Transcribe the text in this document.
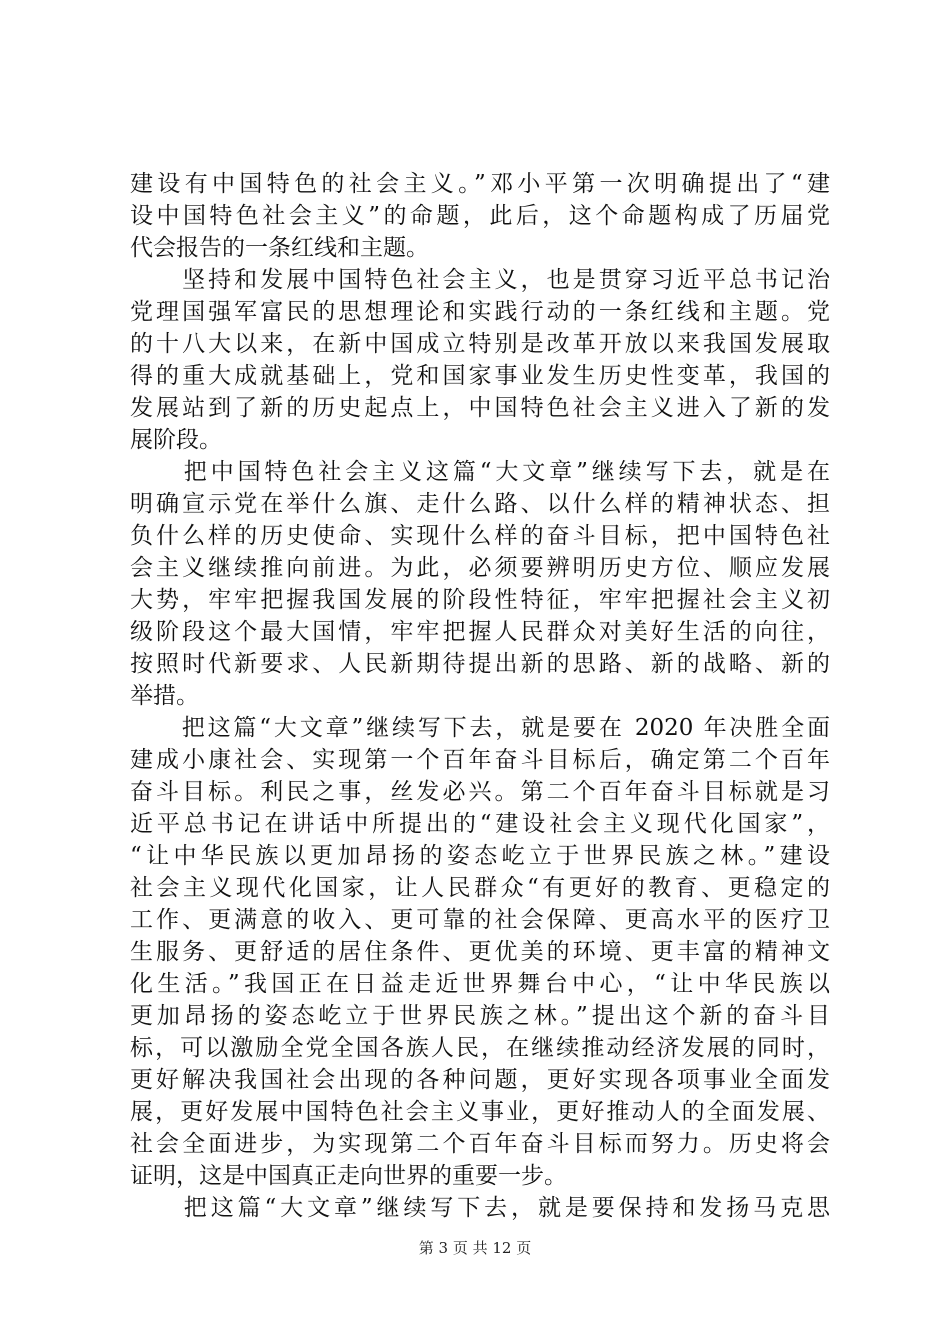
建设有中国特色的社会主义。”邓小平第一次明确提出了“建
设中国特色社会主义”的命题，此后，这个命题构成了历届党
代会报告的一条红线和主题。
　　坚持和发展中国特色社会主义，也是贯穿习近平总书记治
党理国强军富民的思想理论和实践行动的一条红线和主题。党
的十八大以来，在新中国成立特别是改革开放以来我国发展取
得的重大成就基础上，党和国家事业发生历史性变革，我国的
发展站到了新的历史起点上，中国特色社会主义进入了新的发
展阶段。
　　把中国特色社会主义这篇“大文章”继续写下去，就是在
明确宣示党在举什么旗、走什么路、以什么样的精神状态、担
负什么样的历史使命、实现什么样的奋斗目标，把中国特色社
会主义继续推向前进。为此，必须要辨明历史方位、顺应发展
大势，牢牢把握我国发展的阶段性特征，牢牢把握社会主义初
级阶段这个最大国情，牢牢把握人民群众对美好生活的向往，
按照时代新要求、人民新期待提出新的思路、新的战略、新的
举措。
　　把这篇“大文章”继续写下去，就是要在 2020 年决胜全面
建成小康社会、实现第一个百年奋斗目标后，确定第二个百年
奋斗目标。利民之事，丝发必兴。第二个百年奋斗目标就是习
近平总书记在讲话中所提出的“建设社会主义现代化国家”，
“让中华民族以更加昂扬的姿态屹立于世界民族之林。”建设
社会主义现代化国家，让人民群众“有更好的教育、更稳定的
工作、更满意的收入、更可靠的社会保障、更高水平的医疗卫
生服务、更舒适的居住条件、更优美的环境、更丰富的精神文
化生活。”我国正在日益走近世界舞台中心，“让中华民族以
更加昂扬的姿态屹立于世界民族之林。”提出这个新的奋斗目
标，可以激励全党全国各族人民，在继续推动经济发展的同时，
更好解决我国社会出现的各种问题，更好实现各项事业全面发
展，更好发展中国特色社会主义事业，更好推动人的全面发展、
社会全面进步，为实现第二个百年奋斗目标而努力。历史将会
证明，这是中国真正走向世界的重要一步。
　　把这篇“大文章”继续写下去，就是要保持和发扬马克思
第 3 页 共 12 页
